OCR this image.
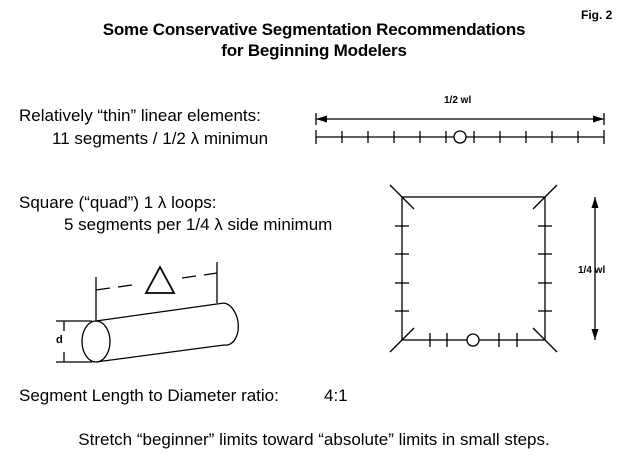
Fig. 2
Some Conservative Segmentation Recommendations
for Beginning Modelers
Relatively “thin” linear elements:
11 segments / 1/2 λ minimun
Square (“quad”) 1 λ loops:
5 segments per 1/4 λ side minimum
Segment Length to Diameter ratio:	4:1
Stretch “beginner” limits toward “absolute” limits in small steps.
1/2 wl
1/4 wl
d
